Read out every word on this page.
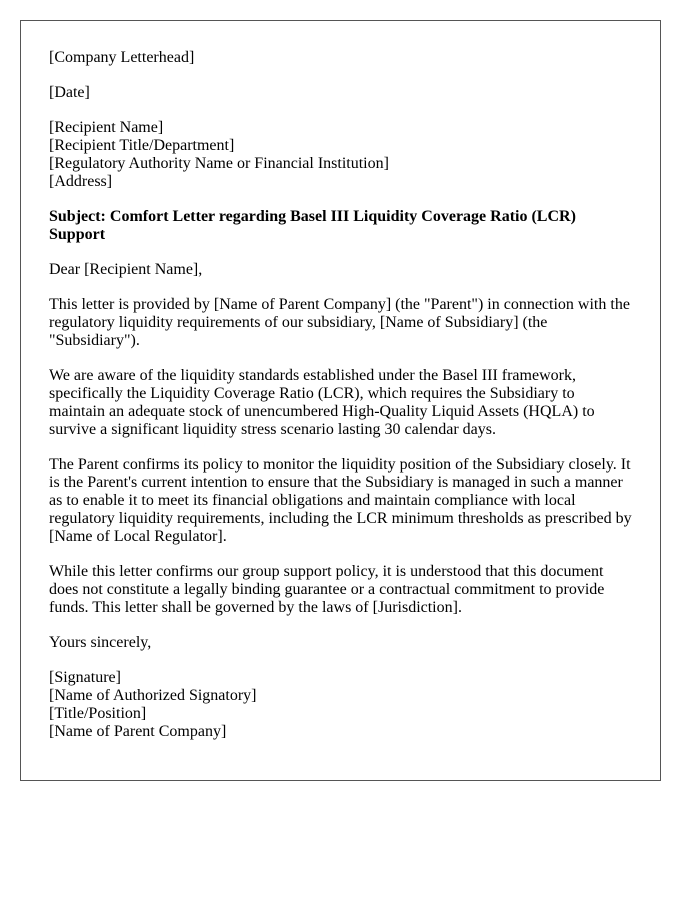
[Company Letterhead]

[Date]

[Recipient Name]
[Recipient Title/Department]
[Regulatory Authority Name or Financial Institution]
[Address]

Subject: Comfort Letter regarding Basel III Liquidity Coverage Ratio (LCR)
Support

Dear [Recipient Name],

This letter is provided by [Name of Parent Company] (the "Parent") in connection with the
regulatory liquidity requirements of our subsidiary, [Name of Subsidiary] (the
"Subsidiary").

We are aware of the liquidity standards established under the Basel III framework,
specifically the Liquidity Coverage Ratio (LCR), which requires the Subsidiary to
maintain an adequate stock of unencumbered High-Quality Liquid Assets (HQLA) to
survive a significant liquidity stress scenario lasting 30 calendar days.

The Parent confirms its policy to monitor the liquidity position of the Subsidiary closely. It
is the Parent's current intention to ensure that the Subsidiary is managed in such a manner
as to enable it to meet its financial obligations and maintain compliance with local
regulatory liquidity requirements, including the LCR minimum thresholds as prescribed by
[Name of Local Regulator].

While this letter confirms our group support policy, it is understood that this document
does not constitute a legally binding guarantee or a contractual commitment to provide
funds. This letter shall be governed by the laws of [Jurisdiction].

Yours sincerely,

[Signature]
[Name of Authorized Signatory]
[Title/Position]
[Name of Parent Company]
